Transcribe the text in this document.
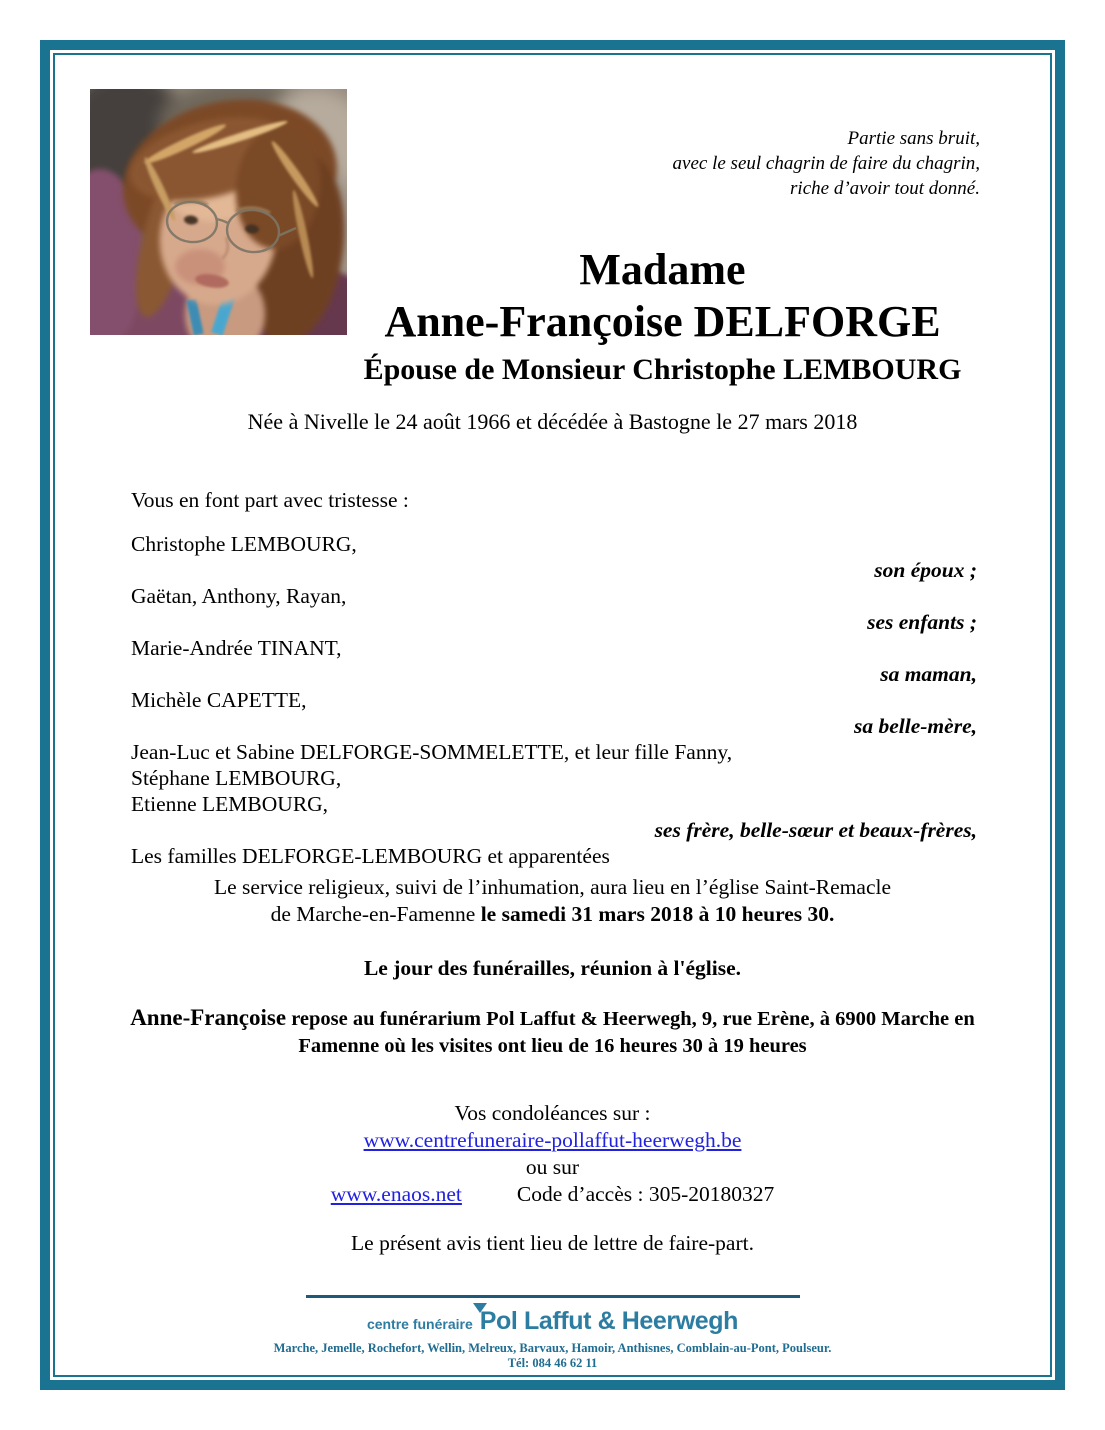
Partie sans bruit,
avec le seul chagrin de faire du chagrin,
riche d’avoir tout donné.
Madame
Anne-Françoise DELFORGE
Épouse de Monsieur Christophe LEMBOURG
Née à Nivelle le 24 août 1966 et décédée à Bastogne le 27 mars 2018
Vous en font part avec tristesse :
Christophe LEMBOURG,
son époux ;
Gaëtan, Anthony, Rayan,
ses enfants ;
Marie-Andrée TINANT,
sa maman,
Michèle CAPETTE,
sa belle-mère,
Jean-Luc et Sabine DELFORGE-SOMMELETTE, et leur fille Fanny,
Stéphane LEMBOURG,
Etienne LEMBOURG,
ses frère, belle-sœur et beaux-frères,
Les familles DELFORGE-LEMBOURG et apparentées
Le service religieux, suivi de l’inhumation, aura lieu en l’église Saint-Remacle
de Marche-en-Famenne le samedi 31 mars 2018 à 10 heures 30.
Le jour des funérailles, réunion à l'église.
Anne-Françoise repose au funérarium Pol Laffut & Heerwegh, 9, rue Erène, à 6900 Marche en
Famenne où les visites ont lieu de 16 heures 30 à 19 heures
Vos condoléances sur :
www.centrefuneraire-pollaffut-heerwegh.be
ou sur
www.enaos.net	Code d’accès : 305-20180327
Le présent avis tient lieu de lettre de faire-part.
centre funéraire Pol Laffut & Heerwegh
Marche, Jemelle, Rochefort, Wellin, Melreux, Barvaux, Hamoir, Anthisnes, Comblain-au-Pont, Poulseur.
Tél: 084 46 62 11
